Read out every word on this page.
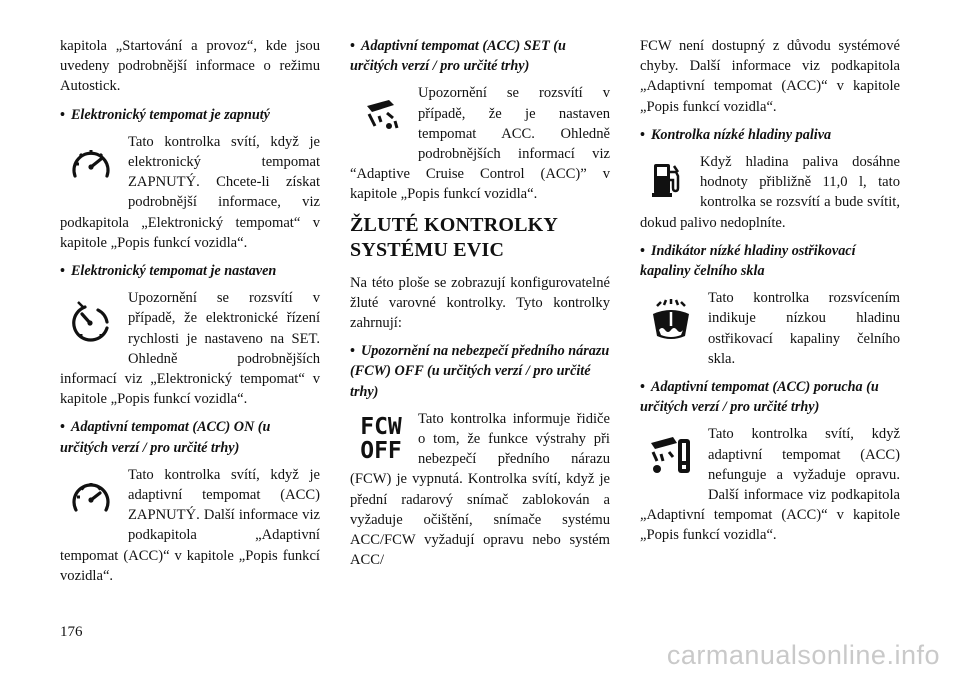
kapitola „Startování a provoz“, kde jsou uvedeny podrobnější informace o režimu Autostick.

• Elektronický tempomat je zapnutý

Tato kontrolka svítí, když je elektronický tempomat ZAPNUTÝ. Chcete-li získat podrobnější informace, viz podkapitola „Elektronický tempomat“ v kapitole „Popis funkcí vozidla“.

• Elektronický tempomat je nastaven

Upozornění se rozsvítí v případě, že elektronické řízení rychlosti je nastaveno na SET. Ohledně podrobnějších informací viz „Elektronický tempomat“ v kapitole „Popis funkcí vozidla“.

• Adaptivní tempomat (ACC) ON (u určitých verzí / pro určité trhy)

Tato kontrolka svítí, když je adaptivní tempomat (ACC) ZAPNUTÝ. Další informace viz podkapitola „Adaptivní tempomat (ACC)“ v kapitole „Popis funkcí vozidla“.

• Adaptivní tempomat (ACC) SET (u určitých verzí / pro určité trhy)

Upozornění se rozsvítí v případě, že je nastaven tempomat ACC. Ohledně podrobnějších informací viz “Adaptive Cruise Control (ACC)” v kapitole „Popis funkcí vozidla“.

ŽLUTÉ KONTROLKY SYSTÉMU EVIC

Na této ploše se zobrazují konfigurovatelné žluté varovné kontrolky. Tyto kontrolky zahrnují:

• Upozornění na nebezpečí předního nárazu (FCW) OFF (u určitých verzí / pro určité trhy)
FCW
OFF

Tato kontrolka informuje řidiče o tom, že funkce výstrahy při nebezpečí předního nárazu (FCW) je vypnutá. Kontrolka svítí, když je přední radarový snímač zablokován a vyžaduje očištění, snímače systému ACC/FCW vyžadují opravu nebo systém ACC/

FCW není dostupný z důvodu systémové chyby. Další informace viz podkapitola „Adaptivní tempomat (ACC)“ v kapitole „Popis funkcí vozidla“.

• Kontrolka nízké hladiny paliva

Když hladina paliva dosáhne hodnoty přibližně 11,0 l, tato kontrolka se rozsvítí a bude svítit, dokud palivo nedoplníte.

• Indikátor nízké hladiny ostřikovací kapaliny čelního skla

Tato kontrolka rozsvícením indikuje nízkou hladinu ostřikovací kapaliny čelního skla.

• Adaptivní tempomat (ACC) porucha (u určitých verzí / pro určité trhy)

Tato kontrolka svítí, když adaptivní tempomat (ACC) nefunguje a vyžaduje opravu. Další informace viz podkapitola „Adaptivní tempomat (ACC)“ v kapitole „Popis funkcí vozidla“.

176
carmanualsonline.info
